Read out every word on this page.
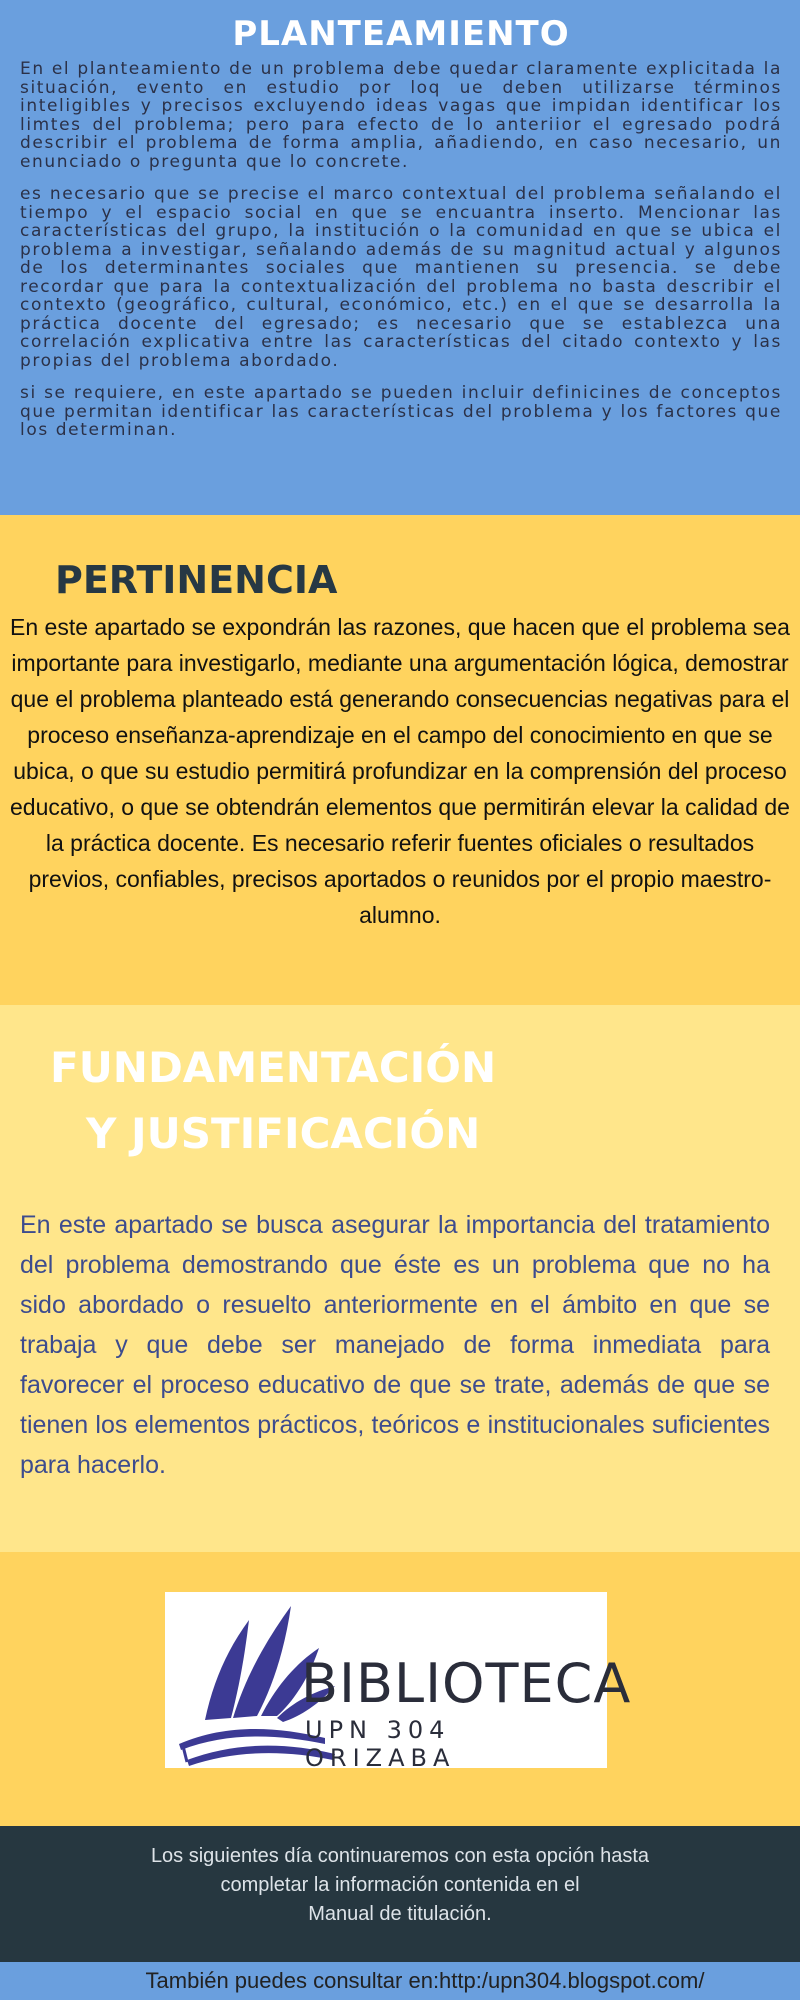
PLANTEAMIENTO

En el planteamiento de un problema debe quedar claramente explicitada la situación, evento en estudio por loq ue deben utilizarse términos inteligibles y precisos excluyendo ideas vagas que impidan identificar los limtes del problema; pero para efecto de lo anteriior el egresado podrá describir el problema de forma amplia, añadiendo, en caso necesario, un enunciado o pregunta que lo concrete.

es necesario que se precise el marco contextual del problema señalando el tiempo y el espacio social en que se encuantra inserto. Mencionar las características del grupo, la institución o la comunidad en que se ubica el problema a investigar, señalando además de su magnitud actual y algunos de los determinantes sociales que mantienen su presencia. se debe recordar que para la contextualización del problema no basta describir el contexto (geográfico, cultural, económico, etc.) en el que se desarrolla la práctica docente del egresado; es necesario que se establezca una correlación explicativa entre las características del citado contexto y las propias del problema abordado.

si se requiere, en este apartado se pueden incluir definicines de conceptos que permitan identificar las características del problema y los factores que los determinan.

PERTINENCIA

En este apartado se expondrán las razones, que hacen que el problema sea importante para investigarlo, mediante una argumentación lógica, demostrar que el problema planteado está generando consecuencias negativas para el proceso enseñanza-aprendizaje en el campo del conocimiento en que se ubica, o que su estudio permitirá profundizar en la comprensión del proceso educativo, o que se obtendrán elementos que permitirán elevar la calidad de la práctica docente. Es necesario referir fuentes oficiales o resultados previos, confiables, precisos aportados o reunidos por el propio maestro-alumno.

FUNDAMENTACIÓN
Y JUSTIFICACIÓN

En este apartado se busca asegurar la importancia del tratamiento del problema demostrando que éste es un problema que no ha sido abordado o resuelto anteriormente en el ámbito en que se trabaja y que debe ser manejado de forma inmediata para favorecer el proceso educativo de que se trate, además de que se tienen los elementos prácticos, teóricos e institucionales suficientes para hacerlo.

BIBLIOTECA
UPN 304 ORIZABA
Los siguientes día continuaremos con esta opción hasta
completar la información contenida en el
Manual de titulación.
También puedes consultar en:http:/upn304.blogspot.com/
